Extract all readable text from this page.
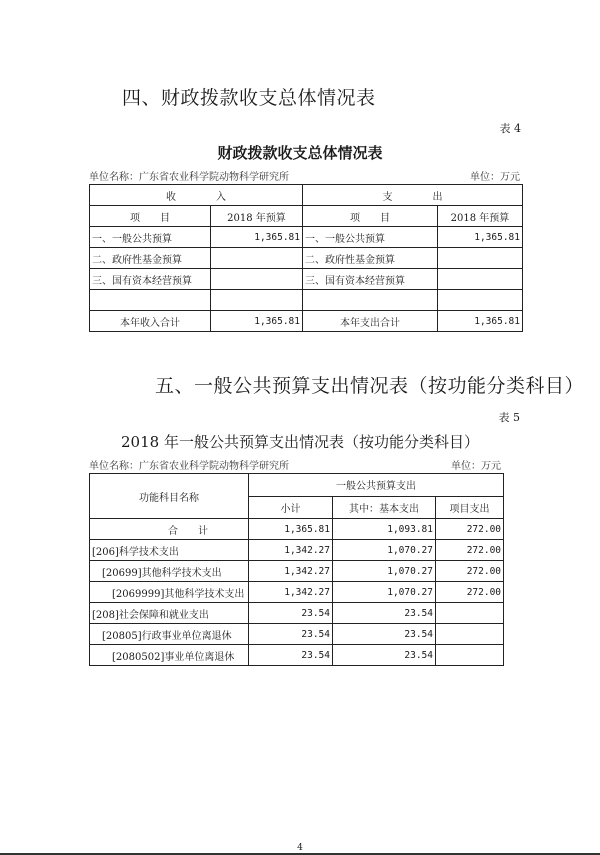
四、财政拨款收支总体情况表
表 4
财政拨款收支总体情况表
单位名称：广东省农业科学院动物科学研究所	单位：万元
收　　　　入		支　　　　出	
项　　目	2018 年预算	项　　目	2018 年预算
一、一般公共预算	1,365.81	一、一般公共预算	1,365.81
二、政府性基金预算		二、政府性基金预算	
三、国有资本经营预算		三、国有资本经营预算	

本年收入合计	1,365.81	本年支出合计	1,365.81
五、一般公共预算支出情况表（按功能分类科目）
表 5
2018 年一般公共预算支出情况表（按功能分类科目）
单位名称：广东省农业科学院动物科学研究所	单位：万元
功能科目名称	一般公共预算支出		
	小计	其中：基本支出	项目支出
合　　计	1,365.81	1,093.81	272.00
[206]科学技术支出	1,342.27	1,070.27	272.00
[20699]其他科学技术支出	1,342.27	1,070.27	272.00
[2069999]其他科学技术支出	1,342.27	1,070.27	272.00
[208]社会保障和就业支出	23.54	23.54	
[20805]行政事业单位离退休	23.54	23.54	
[2080502]事业单位离退休	23.54	23.54	
4
